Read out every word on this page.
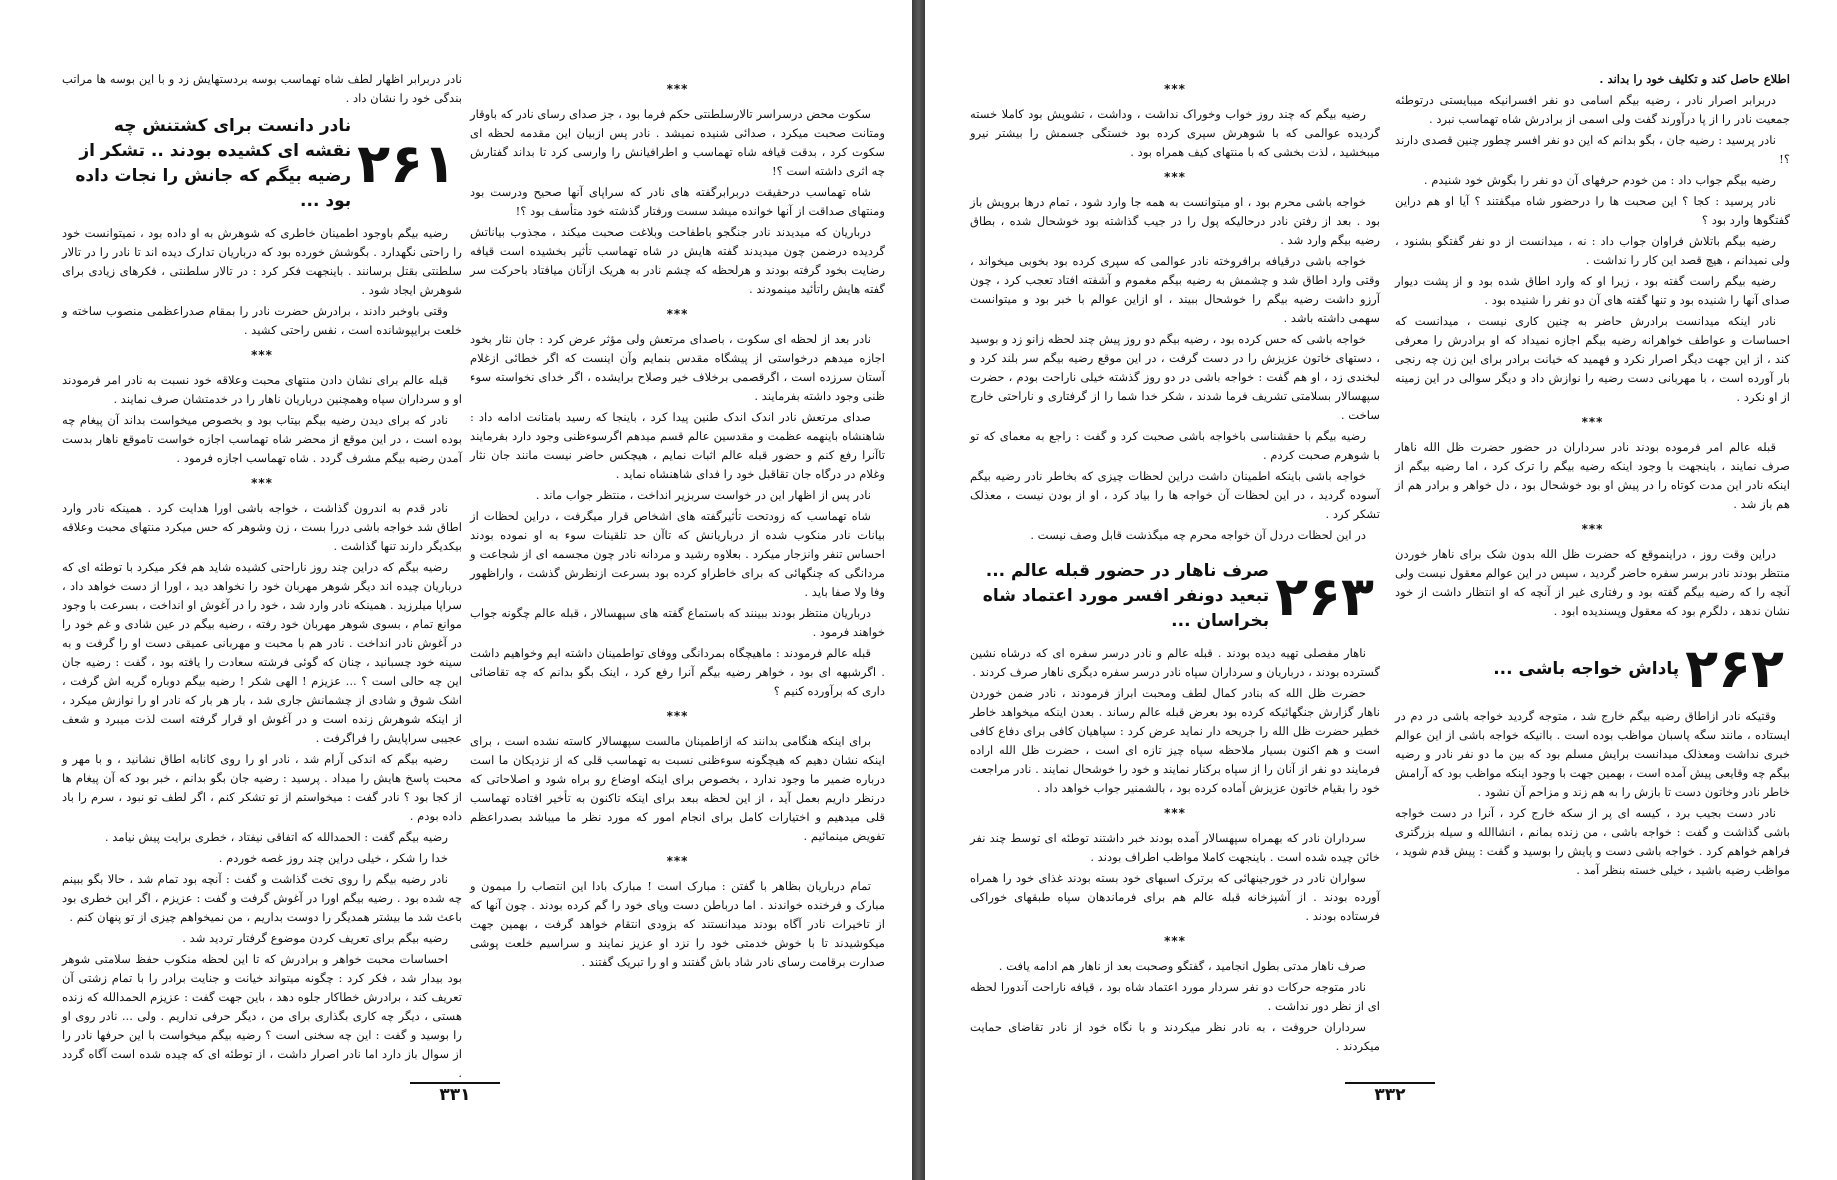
***

سکوت محض درسراسر تالارسلطنتی حکم فرما بود ، جز صدای رسای نادر که باوقار ومتانت صحبت میکرد ، صدائی شنیده نمیشد . نادر پس ازبیان این مقدمه لحظه ای سکوت کرد ، بدقت قیافه شاه تهماسب و اطرافیانش را وارسی کرد تا بداند گفتارش چه اثری داشته است ؟!

شاه تهماسب درحقیقت دربرابرگفته های نادر که سراپای آنها صحیح ودرست بود ومنتهای صداقت از آنها خوانده میشد سست ورفتار گذشته خود متأسف بود ؟!

درباریان که میدیدند نادر جنگجو باطفاحت وبلاغت صحبت میکند ، مجذوب بیاناتش گردیده درضمن چون میدیدند گفته هایش در شاه تهماسب تأثیر بخشیده است قیافه رضایت بخود گرفته بودند و هرلحظه که چشم نادر به هریک ازآنان میافتاد باحرکت سر گفته هایش راتأئید مینمودند .

***

نادر بعد از لحظه ای سکوت ، باصدای مرتعش ولی مؤثر عرض کرد : جان نثار بخود اجازه میدهم درخواستی از پیشگاه مقدس بنمایم وآن اینست که اگر خطائی ازغلام آستان سرزده است ، اگرقصمی برخلاف خیر وصلاح برایشده ، اگر خدای نخواسته سوء ظنی وجود داشته بفرمایند .

صدای مرتعش نادر اندک اندک طنین پیدا کرد ، باینجا که رسید بامتانت ادامه داد : شاهنشاه باینهمه عظمت و مقدسین عالم قسم میدهم اگرسوءظنی وجود دارد بفرمایند تاآنرا رفع کنم و حضور قبله عالم اثبات نمایم ، هیچکس حاضر نیست مانند جان نثار وغلام در درگاه جان تقاقبل خود را فدای شاهنشاه نماید .

نادر پس از اظهار این در خواست سربزیر انداخت ، منتظر جواب ماند .

شاه تهماسب که زودتحت تأثیرگفته های اشخاص قرار میگرفت ، دراین لحظات از بیانات نادر منکوب شده از درباریانش که تاآن حد تلقینات سوء به او نموده بودند احساس تنفر وانزجار میکرد . بعلاوه رشید و مردانه نادر چون مجسمه ای از شجاعت و مردانگی که چنگهائی که برای خاطراو کرده بود بسرعت ازنظرش گذشت ، واراظهور وفا ولا صفا باید .

درباریان منتظر بودند ببینند که باستماع گفته های سپهسالار ، قبله عالم چگونه جواب خواهند فرمود .

قبله عالم فرمودند : ماهیچگاه بمردانگی ووفای تواطمینان داشته ایم وخواهیم داشت . اگرشبهه ای بود ، خواهر رضیه بیگم آنرا رفع کرد ، اینک بگو بدانم که چه تقاضائی داری که برآورده کنیم ؟

***

برای اینکه هنگامی بدانند که ازاطمینان مالست سپهسالار کاسته نشده است ، برای اینکه نشان دهیم که هیچگونه سوءظنی نسبت به تهماسب قلی که از نزدیکان ما است درباره ضمیر ما وجود ندارد ، بخصوص برای اینکه اوضاع رو براه شود و اصلاحاتی که درنظر داریم بعمل آید ، از این لحظه ببعد برای اینکه تاکنون به تأخیر افتاده تهماسب قلی میدهیم و اختیارات کامل برای انجام امور که مورد نظر ما میباشد بصدراعظم تفویض مینمائیم .

***

تمام درباریان بظاهر با گفتن : مبارک است ! مبارک بادا این انتصاب را میمون و مبارک و فرخنده خواندند . اما درباطن دست وپای خود را گم کرده بودند . چون آنها که از تاخیرات نادر آگاه بودند میدانستند که بزودی انتقام خواهد گرفت ، بهمین جهت میکوشیدند تا با خوش خدمتی خود را نزد او عزیز نمایند و سراسیم خلعت پوشی صدارت برقامت رسای نادر شاد باش گفتند و او را تبریک گفتند .

نادر دربرابر اظهار لطف شاه تهماسب بوسه بردستهایش زد و با این بوسه ها مراتب بندگی خود را نشان داد .

۲۶۱
نادر دانست برای کشتنش چه نقشه ای کشیده بودند .. تشکر از رضیه بیگم که جانش را نجات داده بود ...

رضیه بیگم باوجود اطمینان خاطری که شوهرش به او داده بود ، نمیتوانست خود را راحتی نگهدارد . بگوشش خورده بود که درباریان تدارک دیده اند تا نادر را در تالار سلطنتی بقتل برسانند . باینجهت فکر کرد : در تالار سلطنتی ، فکرهای زیادی برای شوهرش ایجاد شود .

وقتی باوخبر دادند ، برادرش حضرت نادر را بمقام صدراعظمی منصوب ساخته و خلعت برایپوشانده است ، نفس راحتی کشید .

***

قبله عالم برای نشان دادن منتهای محبت وعلاقه خود نسبت به نادر امر فرمودند او و سرداران سپاه وهمچنین درباریان ناهار را در خدمتشان صرف نمایند .

نادر که برای دیدن رضیه بیگم بیتاب بود و بخصوص میخواست بداند آن پیغام چه بوده است ، در این موقع از محضر شاه تهماسب اجازه خواست تاموقع ناهار بدست آمدن رضیه بیگم مشرف گردد . شاه تهماسب اجازه فرمود .

***

نادر قدم به اندرون گذاشت ، خواجه باشی اورا هدایت کرد . همینکه نادر وارد اطاق شد خواجه باشی دررا بست ، زن وشوهر که حس میکرد منتهای محبت وعلاقه بیکدیگر دارند تنها گذاشت .

رضیه بیگم که دراین چند روز ناراحتی کشیده شاید هم فکر میکرد با توطئه ای که درباریان چیده اند دیگر شوهر مهربان خود را نخواهد دید ، اورا از دست خواهد داد ، سراپا میلرزید . همینکه نادر وارد شد ، خود را در آغوش او انداخت ، بسرعت با وجود موانع تمام ، بسوی شوهر مهربان خود رفته ، رضیه بیگم در عین شادی و غم خود را در آغوش نادر انداخت . نادر هم با محبت و مهربانی عمیقی دست او را گرفت و به سینه خود چسبانید ، چنان که گوئی فرشته سعادت را یافته بود ، گفت : رضیه جان این چه حالی است ؟ ... عزیزم ! الهی شکر ! رضیه بیگم دوباره گریه اش گرفت ، اشک شوق و شادی از چشمانش جاری شد ، بار هر بار که نادر او را نوازش میکرد ، از اینکه شوهرش زنده است و در آغوش او قرار گرفته است لذت میبرد و شعف عجیبی سراپایش را فراگرفت .

رضیه بیگم که اندکی آرام شد ، نادر او را روی کانابه اطاق نشانید ، و با مهر و محبت پاسخ هایش را میداد . پرسید : رضیه جان بگو بدانم ، خبر بود که آن پیغام ها از کجا بود ؟ نادر گفت : میخواستم از تو تشکر کنم ، اگر لطف تو نبود ، سرم را باد داده بودم .

رضیه بیگم گفت : الحمدالله که اتفاقی نیفتاد ، خطری برایت پیش نیامد .

خدا را شکر ، خیلی دراین چند روز غصه خوردم .

نادر رضیه بیگم را روی تخت گذاشت و گفت : آنچه بود تمام شد ، حالا بگو ببینم چه شده بود . رضیه بیگم اورا در آغوش گرفت و گفت : عزیزم ، اگر این خطری بود باعث شد ما بیشتر همدیگر را دوست بداریم ، من نمیخواهم چیزی از تو پنهان کنم .

رضیه بیگم برای تعریف کردن موضوع گرفتار تردید شد .

احساسات محبت خواهر و برادرش که تا این لحظه منکوب حفظ سلامتی شوهر بود بیدار شد ، فکر کرد : چگونه میتواند خیانت و جنایت برادر را با تمام زشتی آن تعریف کند ، برادرش خطاکار جلوه دهد ، باین جهت گفت : عزیزم الحمدالله که زنده هستی ، دیگر چه کاری بگذاری برای من ، دیگر حرفی نداریم . ولی ... نادر روی او را بوسید و گفت : این چه سخنی است ؟ رضیه بیگم میخواست با این حرفها نادر را از سوال باز دارد اما نادر اصرار داشت ، از توطئه ای که چیده شده است آگاه گردد .

۳۳۱

اطلاع حاصل کند و تکلیف خود را بداند .

دربرابر اصرار نادر ، رضیه بیگم اسامی دو نفر افسرانیکه میبایستی درتوطئه جمعیت نادر را از پا درآورند گفت ولی اسمی از برادرش شاه تهماسب نبرد .

نادر پرسید : رضیه جان ، بگو بدانم که این دو نفر افسر چطور چنین قصدی دارند ؟!

رضیه بیگم جواب داد : من خودم حرفهای آن دو نفر را بگوش خود شنیدم .

نادر پرسید : کجا ؟ این صحبت ها را درحضور شاه میگفتند ؟ آیا او هم دراین گفتگوها وارد بود ؟

رضیه بیگم باتلاش فراوان جواب داد : نه ، میدانست از دو نفر گفتگو بشنود ، ولی نمیدانم ، هیچ قصد این کار را نداشت .

رضیه بیگم راست گفته بود ، زیرا او که وارد اطاق شده بود و از پشت دیوار صدای آنها را شنیده بود و تنها گفته های آن دو نفر را شنیده بود .

نادر اینکه میدانست برادرش حاضر به چنین کاری نیست ، میدانست که احساسات و عواطف خواهرانه رضیه بیگم اجازه نمیداد که او برادرش را معرفی کند ، از این جهت دیگر اصرار نکرد و فهمید که خیانت برادر برای این زن چه رنجی بار آورده است ، با مهربانی دست رضیه را نوازش داد و دیگر سوالی در این زمینه از او نکرد .

***

قبله عالم امر فرموده بودند نادر سرداران در حضور حضرت ظل الله ناهار صرف نمایند ، باینجهت با وجود اینکه رضیه بیگم را ترک کرد ، اما رضیه بیگم از اینکه نادر این مدت کوتاه را در پیش او بود خوشحال بود ، دل خواهر و برادر هم از هم باز شد .

***

دراین وقت روز ، دراینموقع که حضرت ظل الله بدون شک برای ناهار خوردن منتظر بودند نادر برسر سفره حاضر گردید ، سپس در این عوالم معقول نیست ولی آنچه را که رضیه بیگم گفته بود و رفتاری غیر از آنچه که او انتظار داشت از خود نشان ندهد ، دلگرم بود که معقول وپسندیده ابود .

۲۶۲
پاداش خواجه باشی ...

وقتیکه نادر ازاطاق رضیه بیگم خارج شد ، متوجه گردید خواجه باشی در دم در ایستاده ، مانند سگه پاسبان مواظب بوده است . باانیکه خواجه باشی از این عوالم خبری نداشت ومعذلک میدانست برایش مسلم بود که بین ما دو نفر نادر و رضیه بیگم چه وقایعی پیش آمده است ، بهمین جهت با وجود اینکه مواظب بود که آرامش خاطر نادر وخاتون دست تا بازش را به هم زند و مزاحم آن نشود .

نادر دست بجیب برد ، کیسه ای پر از سکه خارج کرد ، آنرا در دست خواجه باشی گذاشت و گفت : خواجه باشی ، من زنده بمانم ، انشاالله و سیله بزرگتری فراهم خواهم کرد . خواجه باشی دست و پایش را بوسید و گفت : پیش قدم شوید ، مواظب رضیه باشید ، خیلی خسته بنظر آمد .

***

رضیه بیگم که چند روز خواب وخوراک نداشت ، وداشت ، تشویش بود کاملا خسته گردیده عوالمی که با شوهرش سپری کرده بود خستگی جسمش را بیشتر نیرو میبخشید ، لذت بخشی که با منتهای کیف همراه بود .

***

خواجه باشی محرم بود ، او میتوانست به همه جا وارد شود ، تمام درها برویش باز بود . بعد از رفتن نادر درحالیکه پول را در جیب گذاشته بود خوشحال شده ، بطاق رضیه بیگم وارد شد .

خواجه باشی درقیافه برافروخته نادر عوالمی که سپری کرده بود بخوبی میخواند ، وقتی وارد اطاق شد و چشمش به رضیه بیگم مغموم و آشفته افتاد تعجب کرد ، چون آرزو داشت رضیه بیگم را خوشحال ببیند ، او ازاین عوالم با خبر بود و میتوانست سهمی داشته باشد .

خواجه باشی که حس کرده بود ، رضیه بیگم دو روز پیش چند لحظه زانو زد و بوسید ، دستهای خاتون عزیزش را در دست گرفت ، در این موقع رضیه بیگم سر بلند کرد و لبخندی زد ، او هم گفت : خواجه باشی در دو روز گذشته خیلی ناراحت بودم ، حضرت سپهسالار بسلامتی تشریف فرما شدند ، شکر خدا شما را از گرفتاری و ناراحتی خارج ساخت .

رضیه بیگم با حقشناسی باخواجه باشی صحبت کرد و گفت : راجع به معمای که تو با شوهرم صحبت کردم .

خواجه باشی باینکه اطمینان داشت دراین لحظات چیزی که بخاطر نادر رضیه بیگم آسوده گردید ، در این لحظات آن خواجه ها را بیاد کرد ، او از بودن نیست ، معذلک تشکر کرد .

در این لحظات دردل آن خواجه محرم چه میگذشت قابل وصف نیست .

۲۶۳
صرف ناهار در حضور قبله عالم ... تبعید دونفر افسر مورد اعتماد شاه بخراسان ...

ناهار مفصلی تهیه دیده بودند . قبله عالم و نادر درسر سفره ای که درشاه نشین گسترده بودند ، درباریان و سرداران سپاه نادر درسر سفره دیگری ناهار صرف کردند .

حضرت ظل الله که بنادر کمال لطف ومحبت ابراز فرمودند ، نادر ضمن خوردن ناهار گزارش جنگهائیکه کرده بود بعرض قبله عالم رساند . بعدن اینکه میخواهد خاطر خطیر حضرت ظل الله را جریحه دار نماید عرض کرد : سپاهیان کافی برای دفاع کافی است و هم اکنون بسیار ملاحظه سپاه چیز تازه ای است ، حضرت ظل الله اراده فرمایند دو نفر از آنان را از سپاه برکنار نمایند و خود را خوشحال نمایند . نادر مراجعت خود را بقیام خاتون عزیزش آماده کرده بود ، بالشمنیر جواب خواهد داد .

***

سرداران نادر که بهمراه سپهسالار آمده بودند خبر داشتند توطئه ای توسط چند نفر خائن چیده شده است . باینجهت کاملا مواظب اطراف بودند .

سواران نادر در خورجینهائی که برترک اسبهای خود بسته بودند غذای خود را همراه آورده بودند . از آشپزخانه قبله عالم هم برای فرماندهان سپاه طبقهای خوراکی فرستاده بودند .

***

صرف ناهار مدتی بطول انجامید ، گفتگو وصحبت بعد از ناهار هم ادامه یافت .

نادر متوجه حرکات دو نفر سردار مورد اعتماد شاه بود ، قیافه ناراحت آندورا لحظه ای از نظر دور نداشت .

سرداران حروفت ، به نادر نظر میکردند و با نگاه خود از نادر تقاضای حمایت میکردند .

۳۳۲
